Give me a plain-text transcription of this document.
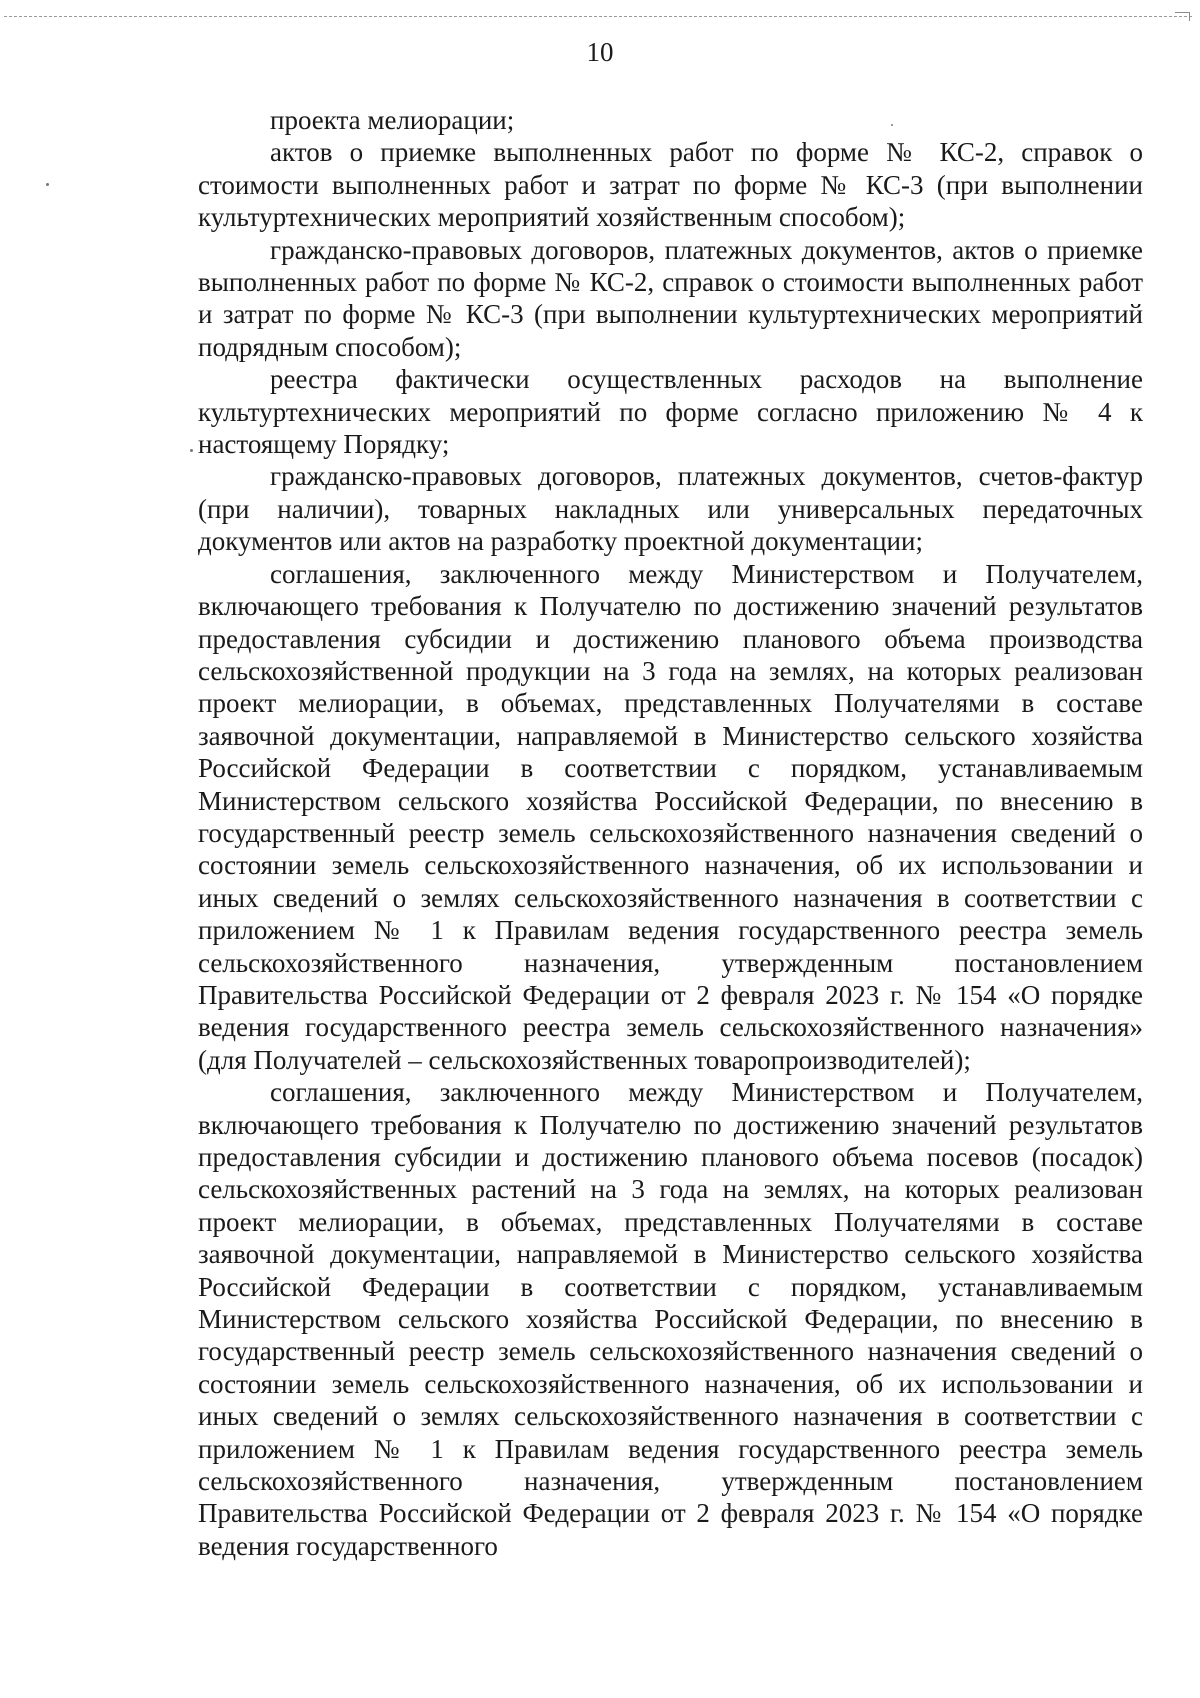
10

проекта мелиорации;

актов о приемке выполненных работ по форме № КС-2, справок о стоимости выполненных работ и затрат по форме № КС-3 (при выполнении культуртехнических мероприятий хозяйственным способом);

гражданско-правовых договоров, платежных документов, актов о приемке выполненных работ по форме № КС-2, справок о стоимости выполненных работ и затрат по форме № КС-3 (при выполнении культуртехнических мероприятий подрядным способом);

реестра фактически осуществленных расходов на выполнение культуртехнических мероприятий по форме согласно приложению № 4 к настоящему Порядку;

гражданско-правовых договоров, платежных документов, счетов-фактур (при наличии), товарных накладных или универсальных передаточных документов или актов на разработку проектной документации;

соглашения, заключенного между Министерством и Получателем, включающего требования к Получателю по достижению значений результатов предоставления субсидии и достижению планового объема производства сельскохозяйственной продукции на 3 года на землях, на которых реализован проект мелиорации, в объемах, представленных Получателями в составе заявочной документации, направляемой в Министерство сельского хозяйства Российской Федерации в соответствии с порядком, устанавливаемым Министерством сельского хозяйства Российской Федерации, по внесению в государственный реестр земель сельскохозяйственного назначения сведений о состоянии земель сельскохозяйственного назначения, об их использовании и иных сведений о землях сельскохозяйственного назначения в соответствии с приложением № 1 к Правилам ведения государственного реестра земель сельскохозяйственного назначения, утвержденным постановлением Правительства Российской Федерации от 2 февраля 2023 г. № 154 «О порядке ведения государственного реестра земель сельскохозяйственного назначения» (для Получателей – сельскохозяйственных товаропроизводителей);

соглашения, заключенного между Министерством и Получателем, включающего требования к Получателю по достижению значений результатов предоставления субсидии и достижению планового объема посевов (посадок) сельскохозяйственных растений на 3 года на землях, на которых реализован проект мелиорации, в объемах, представленных Получателями в составе заявочной документации, направляемой в Министерство сельского хозяйства Российской Федерации в соответствии с порядком, устанавливаемым Министерством сельского хозяйства Российской Федерации, по внесению в государственный реестр земель сельскохозяйственного назначения сведений о состоянии земель сельскохозяйственного назначения, об их использовании и иных сведений о землях сельскохозяйственного назначения в соответствии с приложением № 1 к Правилам ведения государственного реестра земель сельскохозяйственного назначения, утвержденным постановлением Правительства Российской Федерации от 2 февраля 2023 г. № 154 «О порядке ведения государственного
